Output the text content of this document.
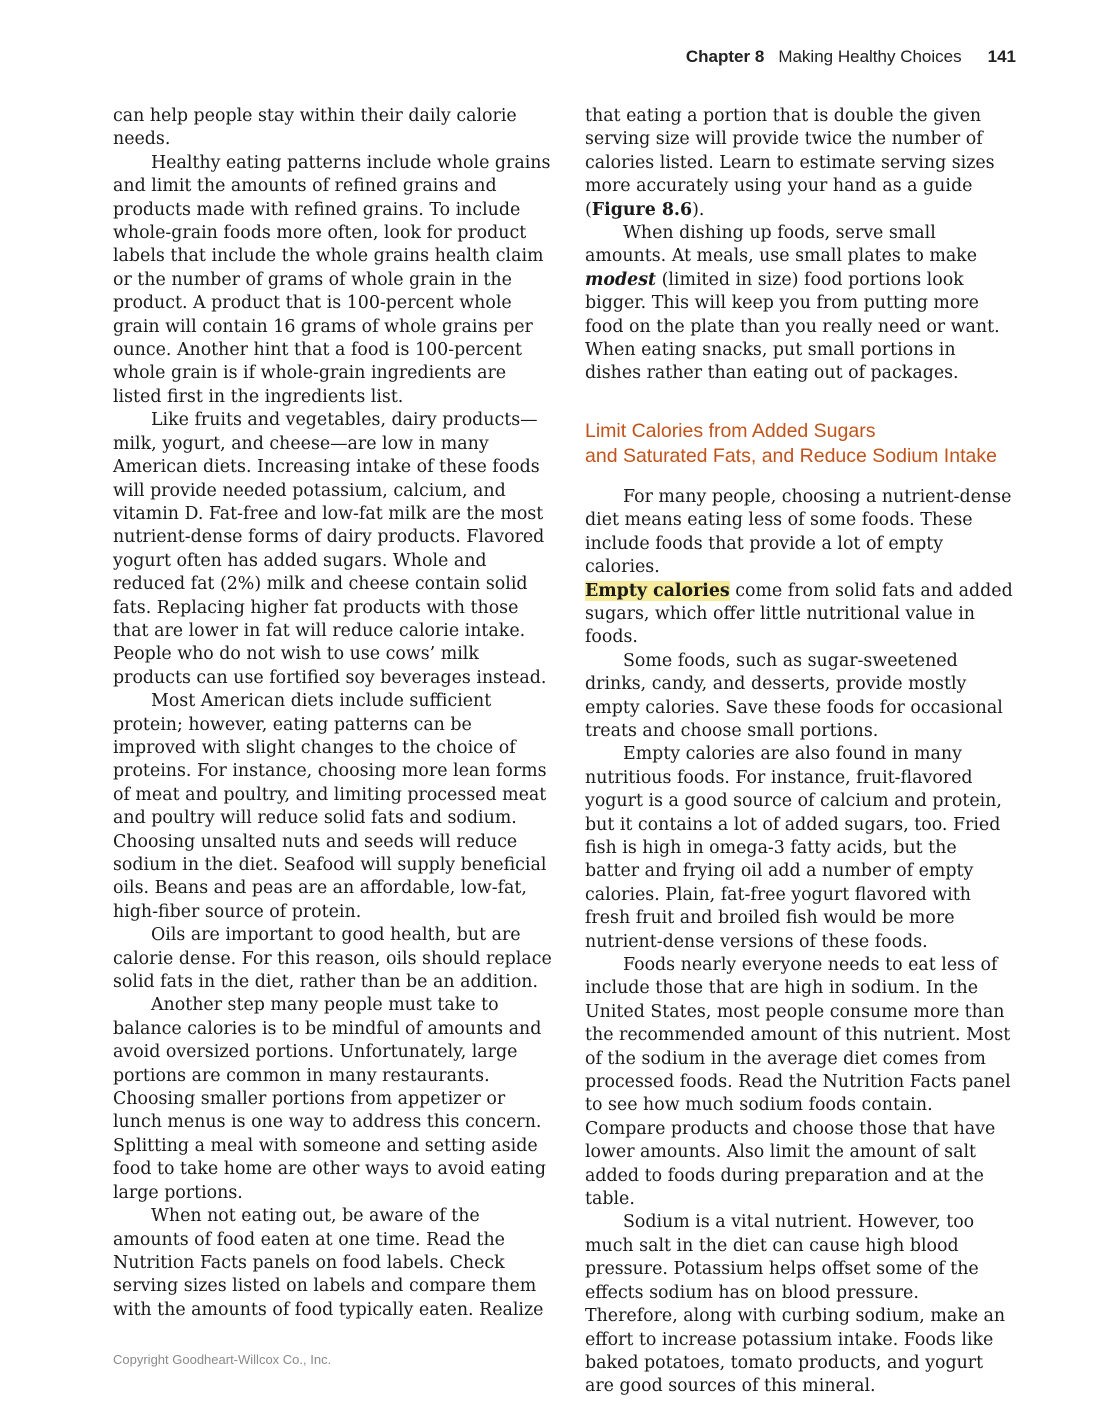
Chapter 8 Making Healthy Choices 141

can help people stay within their daily calorie needs.

Healthy eating patterns include whole grains and limit the amounts of refined grains and products made with refined grains. To include whole-grain foods more often, look for product labels that include the whole grains health claim or the number of grams of whole grain in the product. A product that is 100-percent whole grain will contain 16 grams of whole grains per ounce. Another hint that a food is 100-percent whole grain is if whole-grain ingredients are listed first in the ingredients list.

Like fruits and vegetables, dairy products—milk, yogurt, and cheese—are low in many American diets. Increasing intake of these foods will provide needed potassium, calcium, and vitamin D. Fat-free and low-fat milk are the most nutrient-dense forms of dairy products. Flavored yogurt often has added sugars. Whole and reduced fat (2%) milk and cheese contain solid fats. Replacing higher fat products with those that are lower in fat will reduce calorie intake. People who do not wish to use cows’ milk products can use fortified soy beverages instead.

Most American diets include sufficient protein; however, eating patterns can be improved with slight changes to the choice of proteins. For instance, choosing more lean forms of meat and poultry, and limiting processed meat and poultry will reduce solid fats and sodium. Choosing unsalted nuts and seeds will reduce sodium in the diet. Seafood will supply beneficial oils. Beans and peas are an affordable, low-fat, high-fiber source of protein.

Oils are important to good health, but are calorie dense. For this reason, oils should replace solid fats in the diet, rather than be an addition.

Another step many people must take to balance calories is to be mindful of amounts and avoid oversized portions. Unfortunately, large portions are common in many restaurants. Choosing smaller portions from appetizer or lunch menus is one way to address this concern. Splitting a meal with someone and setting aside food to take home are other ways to avoid eating large portions.

When not eating out, be aware of the amounts of food eaten at one time. Read the Nutrition Facts panels on food labels. Check serving sizes listed on labels and compare them with the amounts of food typically eaten. Realize

that eating a portion that is double the given serving size will provide twice the number of calories listed. Learn to estimate serving sizes more accurately using your hand as a guide (Figure 8.6).

When dishing up foods, serve small amounts. At meals, use small plates to make modest (limited in size) food portions look bigger. This will keep you from putting more food on the plate than you really need or want. When eating snacks, put small portions in dishes rather than eating out of packages.

Limit Calories from Added Sugars
and Saturated Fats, and Reduce Sodium Intake

For many people, choosing a nutrient-dense diet means eating less of some foods. These include foods that provide a lot of empty calories.

Empty calories come from solid fats and added sugars, which offer little nutritional value in foods.

Some foods, such as sugar-sweetened drinks, candy, and desserts, provide mostly empty calories. Save these foods for occasional treats and choose small portions.

Empty calories are also found in many nutritious foods. For instance, fruit-flavored yogurt is a good source of calcium and protein, but it contains a lot of added sugars, too. Fried fish is high in omega-3 fatty acids, but the batter and frying oil add a number of empty calories. Plain, fat-free yogurt flavored with fresh fruit and broiled fish would be more nutrient-dense versions of these foods.

Foods nearly everyone needs to eat less of include those that are high in sodium. In the United States, most people consume more than the recommended amount of this nutrient. Most of the sodium in the average diet comes from processed foods. Read the Nutrition Facts panel to see how much sodium foods contain. Compare products and choose those that have lower amounts. Also limit the amount of salt added to foods during preparation and at the table.

Sodium is a vital nutrient. However, too much salt in the diet can cause high blood pressure. Potassium helps offset some of the effects sodium has on blood pressure. Therefore, along with curbing sodium, make an effort to increase potassium intake. Foods like baked potatoes, tomato products, and yogurt are good sources of this mineral.

Copyright Goodheart-Willcox Co., Inc.
